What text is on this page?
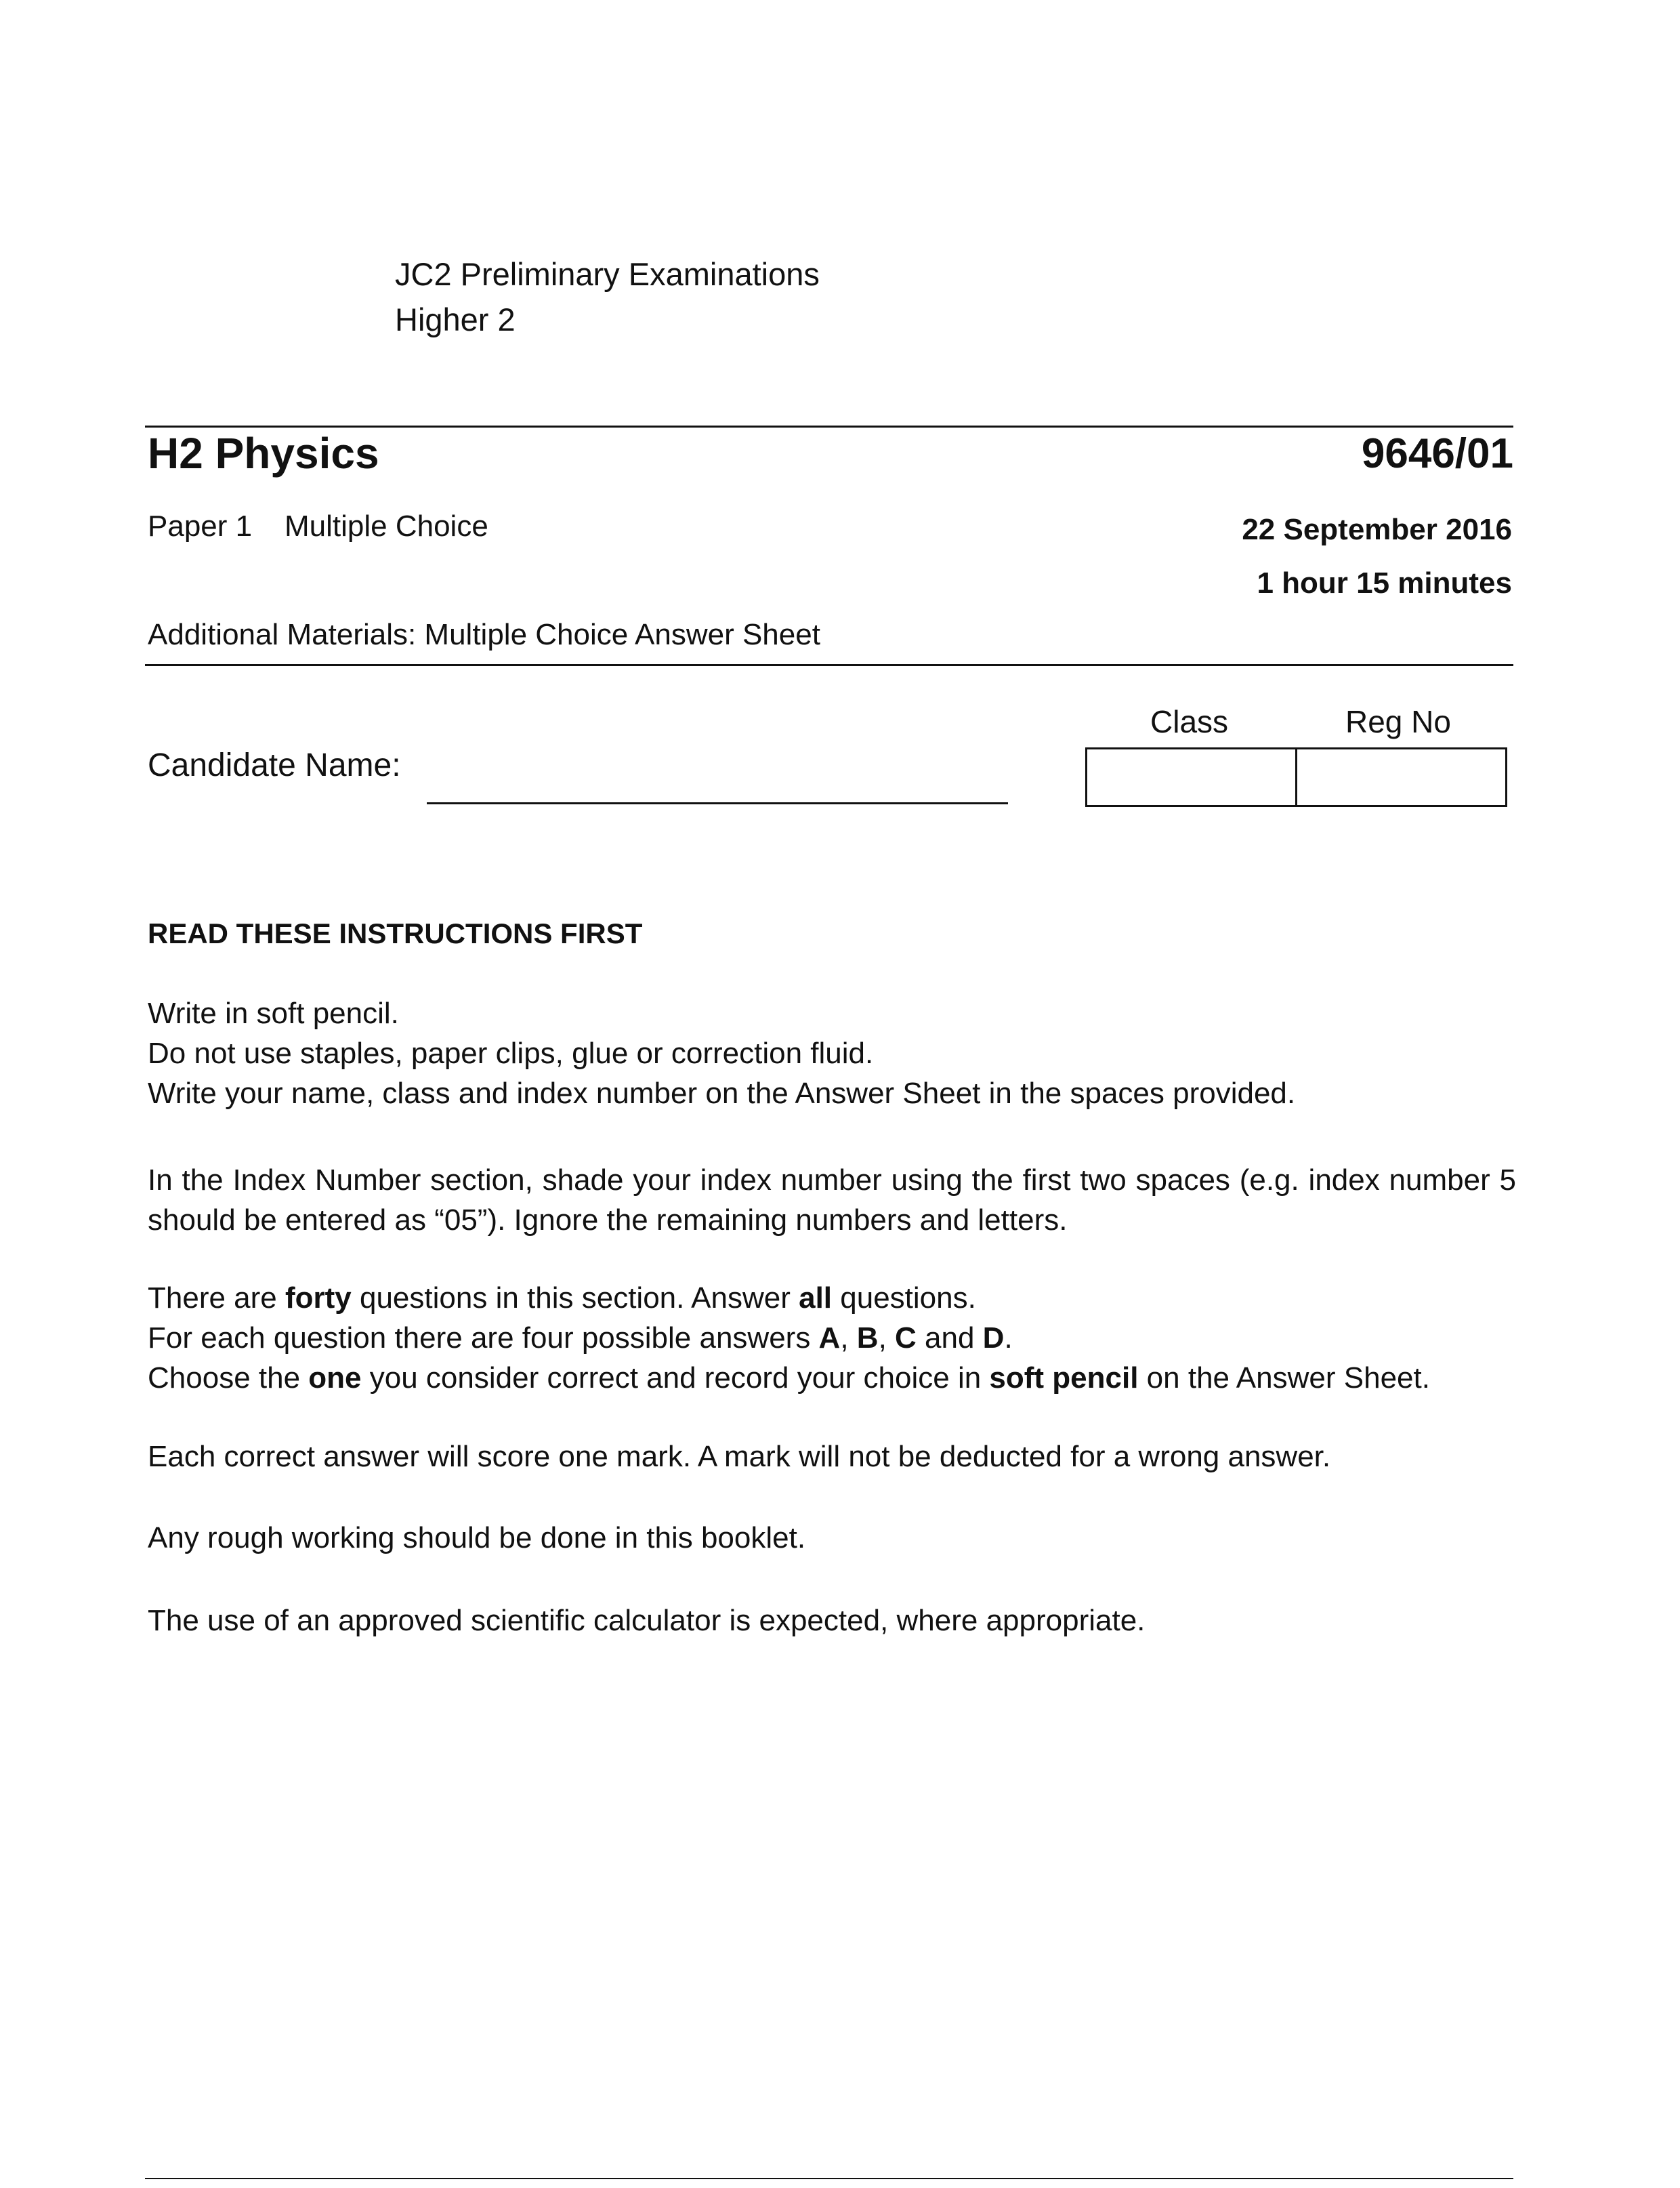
JC2 Preliminary Examinations
Higher 2
H2 Physics	9646/01
Paper 1 Multiple Choice	22 September 2016
1 hour 15 minutes
Additional Materials: Multiple Choice Answer Sheet
Candidate Name:
Class	Reg No
READ THESE INSTRUCTIONS FIRST

Write in soft pencil.

Do not use staples, paper clips, glue or correction fluid.

Write your name, class and index number on the Answer Sheet in the spaces provided.

In the Index Number section, shade your index number using the first two spaces (e.g. index number 5 should be entered as “05”). Ignore the remaining numbers and letters.

There are forty questions in this section. Answer all questions.

For each question there are four possible answers A, B, C and D.

Choose the one you consider correct and record your choice in soft pencil on the Answer Sheet.

Each correct answer will score one mark. A mark will not be deducted for a wrong answer.
Any rough working should be done in this booklet.
The use of an approved scientific calculator is expected, where appropriate.
